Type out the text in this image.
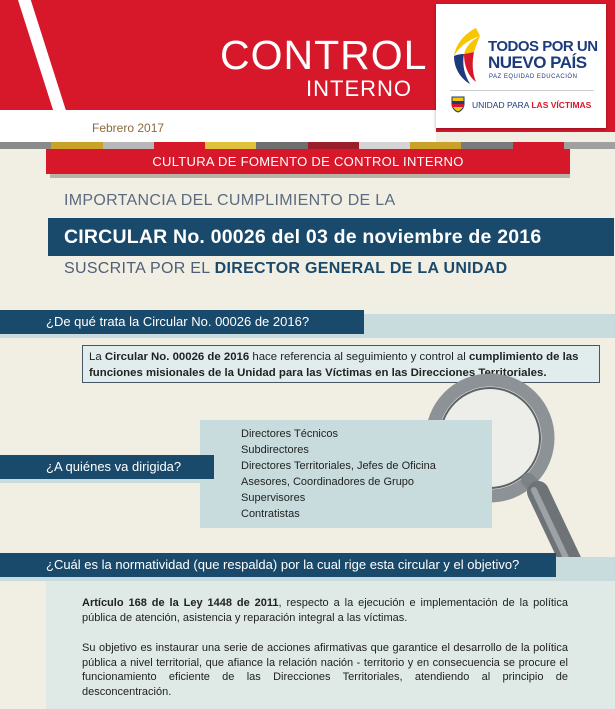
CONTROL
INTERNO
Febrero 2017
TODOS POR UN
NUEVO PAÍS
PAZ EQUIDAD EDUCACIÓN
UNIDAD PARA LAS VÍCTIMAS
CULTURA DE FOMENTO DE CONTROL INTERNO
IMPORTANCIA DEL CUMPLIMIENTO DE LA
CIRCULAR No. 00026 del 03 de noviembre de 2016
SUSCRITA POR EL DIRECTOR GENERAL DE LA UNIDAD
¿De qué trata la Circular No. 00026 de 2016?
La Circular No. 00026 de 2016 hace referencia al seguimiento y control al cumplimiento de las funciones misionales de la Unidad para las Víctimas en las Direcciones Territoriales.
¿A quiénes va dirigida?
Directores Técnicos
Subdirectores
Directores Territoriales, Jefes de Oficina
Asesores, Coordinadores de Grupo
Supervisores
Contratistas
¿Cuál es la normatividad (que respalda) por la cual rige esta circular y el objetivo?
Artículo 168 de la Ley 1448 de 2011, respecto a la ejecución e implementación de la política pública de atención, asistencia y reparación integral a las víctimas.
Su objetivo es instaurar una serie de acciones afirmativas que garantice el desarrollo de la política pública a nivel territorial, que afiance la relación nación - territorio y en consecuencia se procure el funcionamiento eficiente de las Direcciones Territoriales, atendiendo al principio de desconcentración.
